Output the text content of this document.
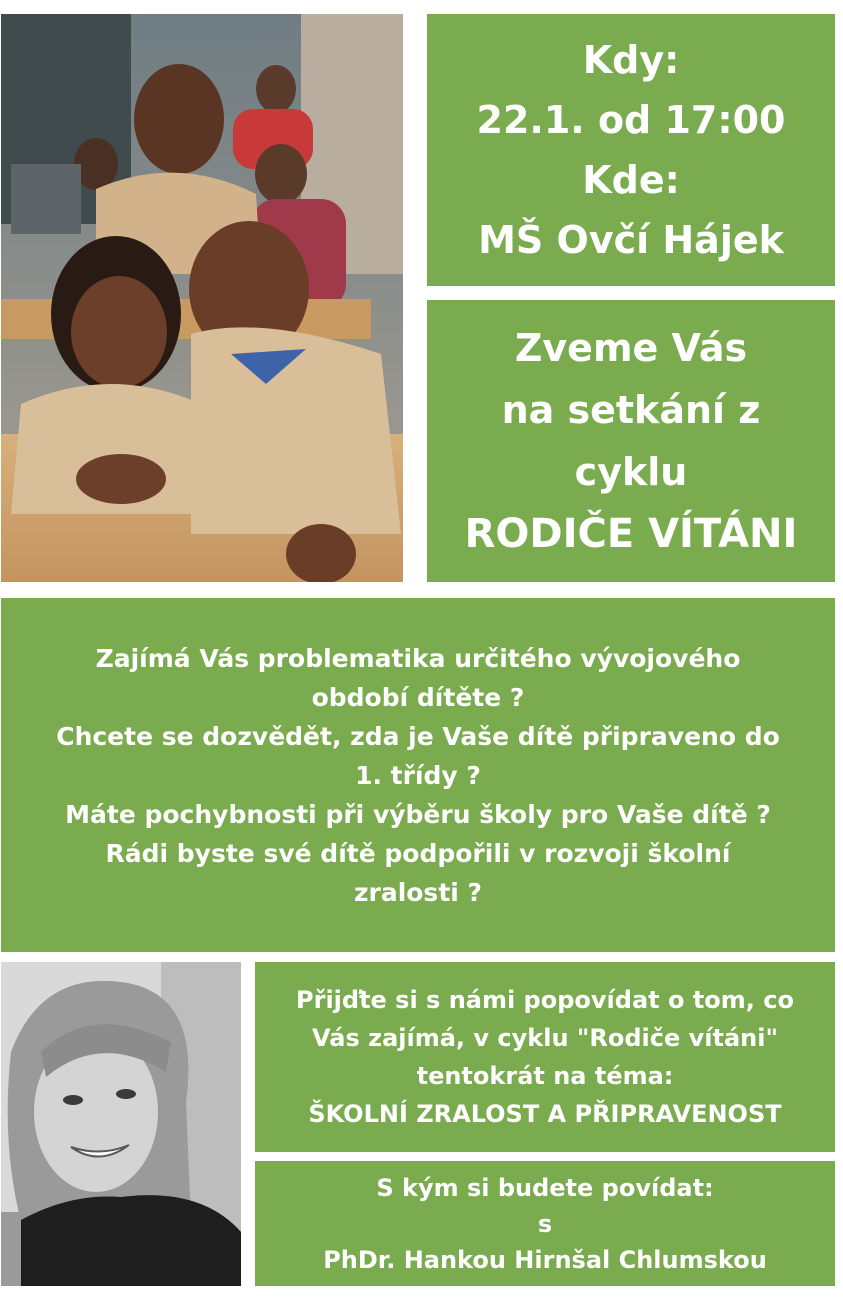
Kdy:
22.1. od 17:00
Kde:
MŠ Ovčí Hájek
Zveme Vás
na setkání z
cyklu
RODIČE VÍTÁNI
Zajímá Vás problematika určitého vývojového
období dítěte ?
Chcete se dozvědět, zda je Vaše dítě připraveno do
1. třídy ?
Máte pochybnosti při výběru školy pro Vaše dítě ?
Rádi byste své dítě podpořili v rozvoji školní
zralosti ?
Přijďte si s námi popovídat o tom, co
Vás zajímá, v cyklu "Rodiče vítáni"
tentokrát na téma:
ŠKOLNÍ ZRALOST A PŘIPRAVENOST
S kým si budete povídat:
s
PhDr. Hankou Hirnšal Chlumskou
